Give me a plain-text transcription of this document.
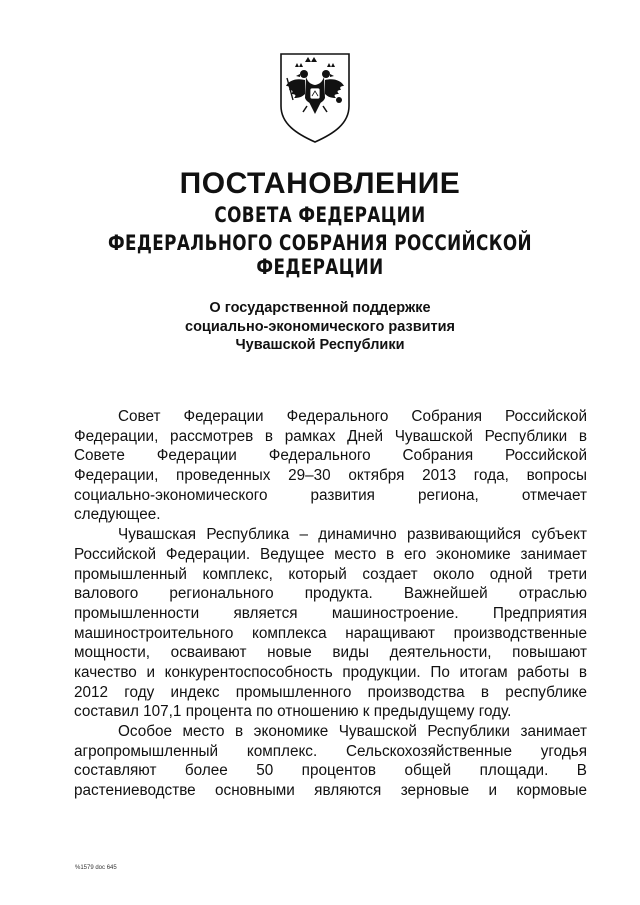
ПОСТАНОВЛЕНИЕ
СОВЕТА ФЕДЕРАЦИИ
ФЕДЕРАЛЬНОГО СОБРАНИЯ РОССИЙСКОЙ ФЕДЕРАЦИИ
О государственной поддержке
социально-экономического развития
Чувашской Республики
Совет Федерации Федерального Собрания Российской
Федерации, рассмотрев в рамках Дней Чувашской Республики в
Совете Федерации Федерального Собрания Российской
Федерации, проведенных 29–30 октября 2013 года, вопросы
социально-экономического развития региона, отмечает
следующее.
Чувашская Республика – динамично развивающийся субъект
Российской Федерации. Ведущее место в его экономике занимает
промышленный комплекс, который создает около одной трети
валового регионального продукта. Важнейшей отраслью
промышленности является машиностроение. Предприятия
машиностроительного комплекса наращивают производственные
мощности, осваивают новые виды деятельности, повышают
качество и конкурентоспособность продукции. По итогам работы в
2012 году индекс промышленного производства в республике
составил 107,1 процента по отношению к предыдущему году.
Особое место в экономике Чувашской Республики занимает
агропромышленный комплекс. Сельскохозяйственные угодья
составляют более 50 процентов общей площади. В
растениеводстве основными являются зерновые и кормовые
%1579 doc 645
